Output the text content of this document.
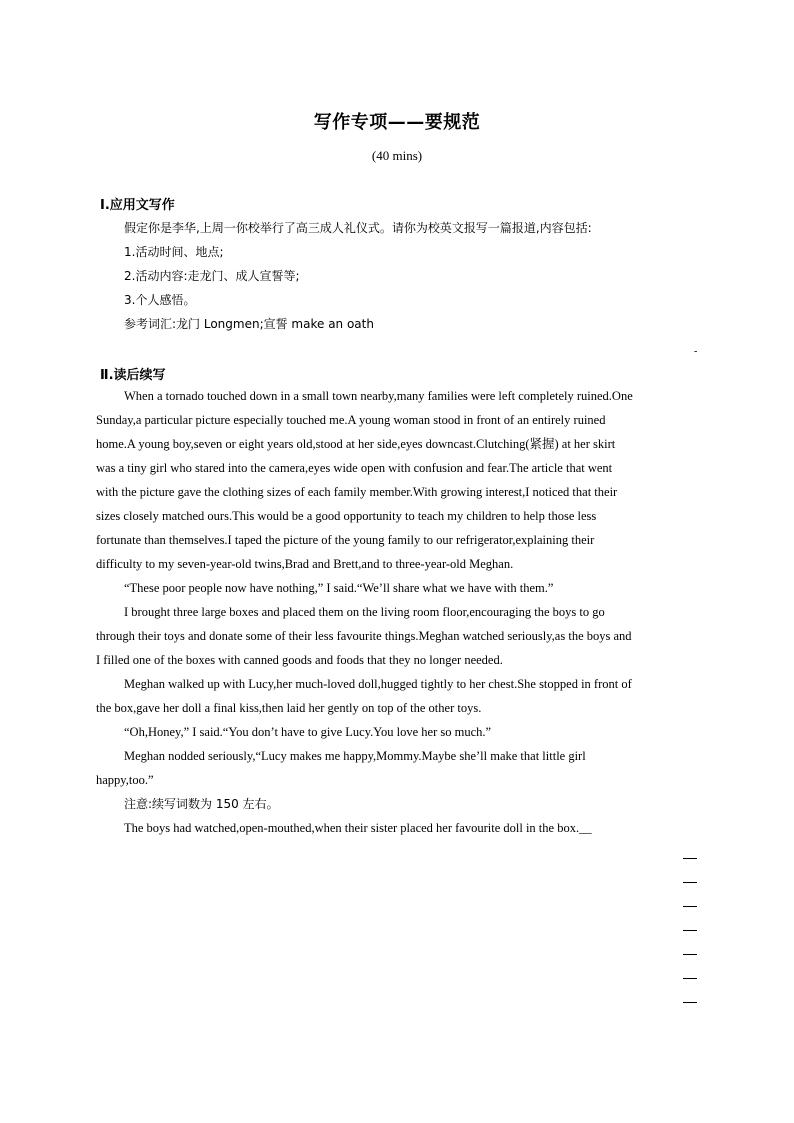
写作专项——要规范
(40 mins)
Ⅰ.应用文写作
假定你是李华,上周一你校举行了高三成人礼仪式。请你为校英文报写一篇报道,内容包括:
1.活动时间、地点;
2.活动内容:走龙门、成人宣誓等;
3.个人感悟。
参考词汇:龙门 Longmen;宣誓 make an oath
-
Ⅱ.读后续写
When a tornado touched down in a small town nearby,many families were left completely ruined.One
Sunday,a particular picture especially touched me.A young woman stood in front of an entirely ruined
home.A young boy,seven or eight years old,stood at her side,eyes downcast.Clutching(紧握) at her skirt
was a tiny girl who stared into the camera,eyes wide open with confusion and fear.The article that went
with the picture gave the clothing sizes of each family member.With growing interest,I noticed that their
sizes closely matched ours.This would be a good opportunity to teach my children to help those less
fortunate than themselves.I taped the picture of the young family to our refrigerator,explaining their
difficulty to my seven-year-old twins,Brad and Brett,and to three-year-old Meghan.
“These poor people now have nothing,” I said.“We’ll share what we have with them.”
I brought three large boxes and placed them on the living room floor,encouraging the boys to go
through their toys and donate some of their less favourite things.Meghan watched seriously,as the boys and
I filled one of the boxes with canned goods and foods that they no longer needed.
Meghan walked up with Lucy,her much-loved doll,hugged tightly to her chest.She stopped in front of
the box,gave her doll a final kiss,then laid her gently on top of the other toys.
“Oh,Honey,” I said.“You don’t have to give Lucy.You love her so much.”
Meghan nodded seriously,“Lucy makes me happy,Mommy.Maybe she’ll make that little girl
happy,too.”
注意:续写词数为 150 左右。
The boys had watched,open-mouthed,when their sister placed her favourite doll in the box.__
